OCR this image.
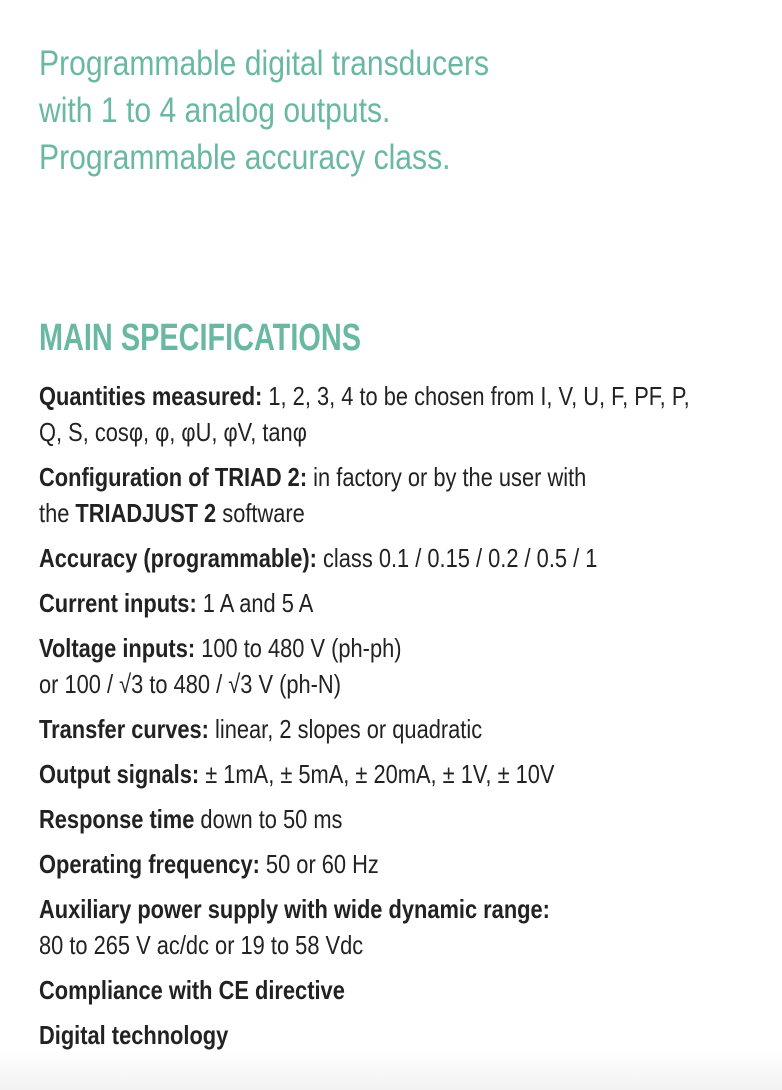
Programmable digital transducers
with 1 to 4 analog outputs.
Programmable accuracy class.
MAIN SPECIFICATIONS
Quantities measured: 1, 2, 3, 4 to be chosen from I, V, U, F, PF, P,
Q, S, cosφ, φ, φU, φV, tanφ
Configuration of TRIAD 2: in factory or by the user with
the TRIADJUST 2 software
Accuracy (programmable): class 0.1 / 0.15 / 0.2 / 0.5 / 1
Current inputs: 1 A and 5 A
Voltage inputs: 100 to 480 V (ph-ph)
or 100 / √3 to 480 / √3 V (ph-N)
Transfer curves: linear, 2 slopes or quadratic
Output signals: ± 1mA, ± 5mA, ± 20mA, ± 1V, ± 10V
Response time down to 50 ms
Operating frequency: 50 or 60 Hz
Auxiliary power supply with wide dynamic range:
80 to 265 V ac/dc or 19 to 58 Vdc
Compliance with CE directive
Digital technology
